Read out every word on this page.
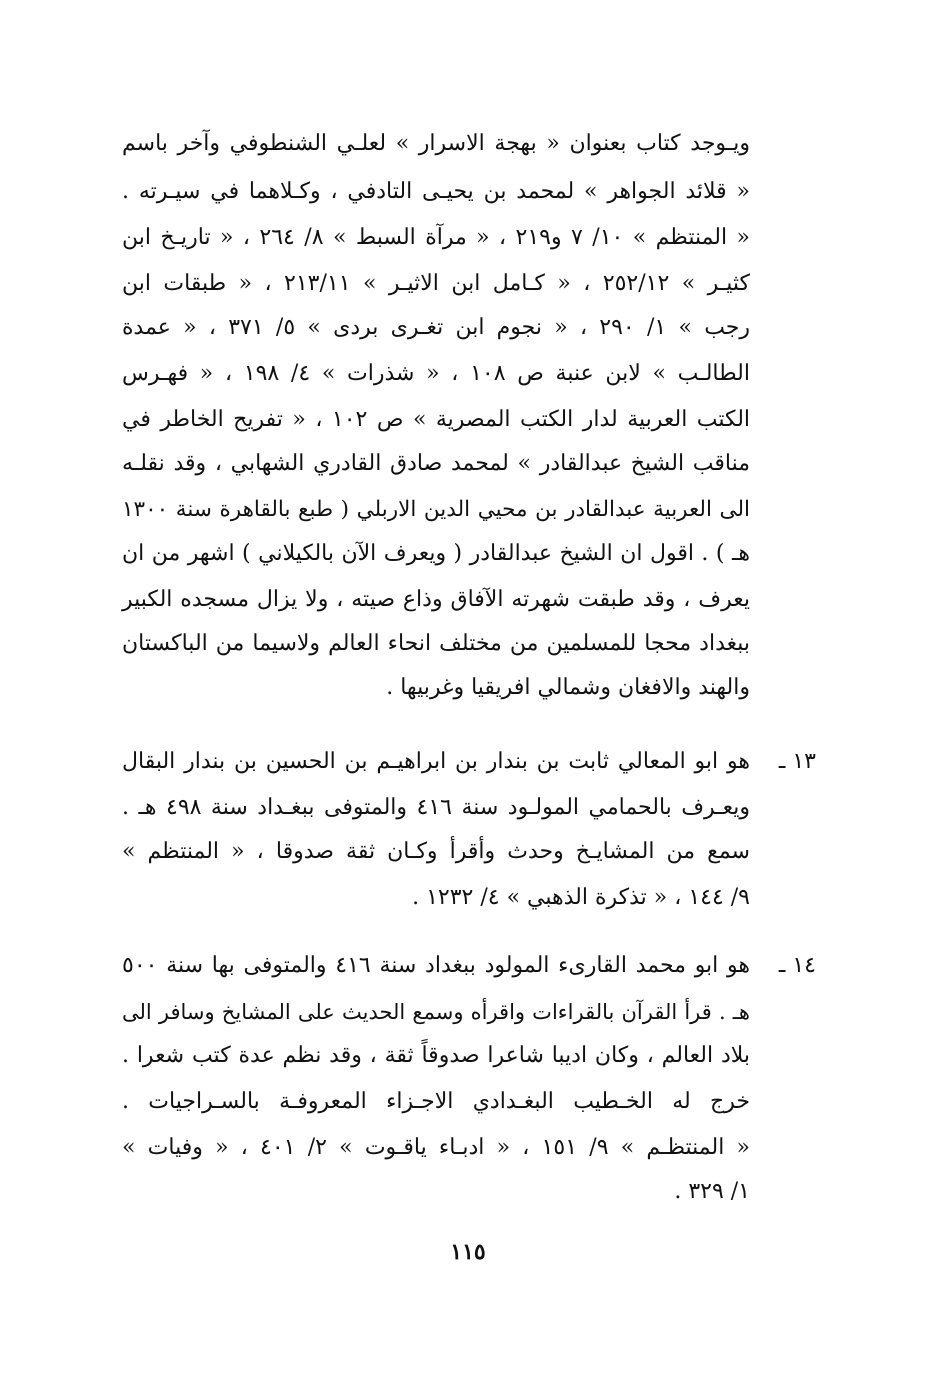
ويـوجد كتاب بعنوان « بهجة الاسرار » لعلـي الشنطوفي وآخر باسم
« قلائد الجواهر » لمحمد بن يحيـى التادفي ، وكـلاهما في سيـرته .
« المنتظم » ١٠/ ٧ و٢١٩ ، « مرآة السبط » ٨/ ٢٦٤ ، « تاريـخ ابن
كثيـر » ٢٥٢/١٢ ، « كـامل ابن الاثيـر » ٢١٣/١١ ، « طبقات ابن
رجب » ١/ ٢٩٠ ، « نجوم ابن تغـرى بردى » ٥/ ٣٧١ ، « عمدة
الطالـب » لابن عنبة ص ١٠٨ ، « شذرات » ٤/ ١٩٨ ، « فهـرس
الكتب العربية لدار الكتب المصرية » ص ١٠٢ ، « تفريح الخاطر في
مناقب الشيخ عبدالقادر » لمحمد صادق القادري الشهابي ، وقد نقلـه
الى العربية عبدالقادر بن محيي الدين الاربلي ( طبع بالقاهرة سنة ١٣٠٠
هـ ) . اقول ان الشيخ عبدالقادر ( ويعرف الآن بالكيلاني ) اشهر من ان
يعرف ، وقد طبقت شهرته الآفاق وذاع صيته ، ولا يزال مسجده الكبير
ببغداد محجا للمسلمين من مختلف انحاء العالم ولاسيما من الباكستان
والهند والافغان وشمالي افريقيا وغربيها .
١٣ ـ
هو ابو المعالي ثابت بن بندار بن ابراهيـم بن الحسين بن بندار البقال
ويعـرف بالحمامي المولـود سنة ٤١٦ والمتوفى ببغـداد سنة ٤٩٨ هـ .
سمع من المشايـخ وحدث وأقرأ وكـان ثقة صدوقا ، « المنتظم »
٩/ ١٤٤ ، « تذكرة الذهبي » ٤/ ١٢٣٢ .
١٤ ـ
هو ابو محمد القارىء المولود ببغداد سنة ٤١٦ والمتوفى بها سنة ٥٠٠
هـ . قرأ القرآن بالقراءات واقرأه وسمع الحديث على المشايخ وسافر الى
بلاد العالم ، وكان اديبا شاعرا صدوقاً ثقة ، وقد نظم عدة كتب شعرا .
خرج له الخـطيب البغـدادي الاجـزاء المعروفـة بالسـراجيات .
« المنتظـم » ٩/ ١٥١ ، « ادبـاء ياقـوت » ٢/ ٤٠١ ، « وفيات »
١/ ٣٢٩ .
١١٥
